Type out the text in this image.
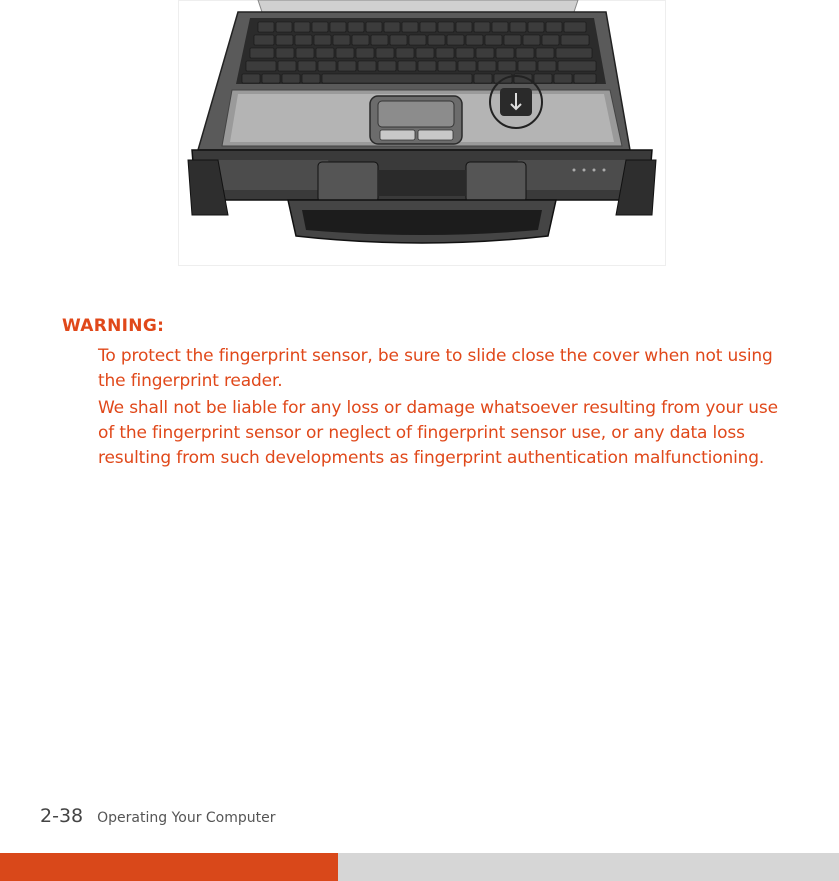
WARNING:

To protect the fingerprint sensor, be sure to slide close the cover when not using the fingerprint reader.

We shall not be liable for any loss or damage whatsoever resulting from your use of the fingerprint sensor or neglect of fingerprint sensor use, or any data loss resulting from such developments as fingerprint authentication malfunctioning.

2-38 Operating Your Computer
